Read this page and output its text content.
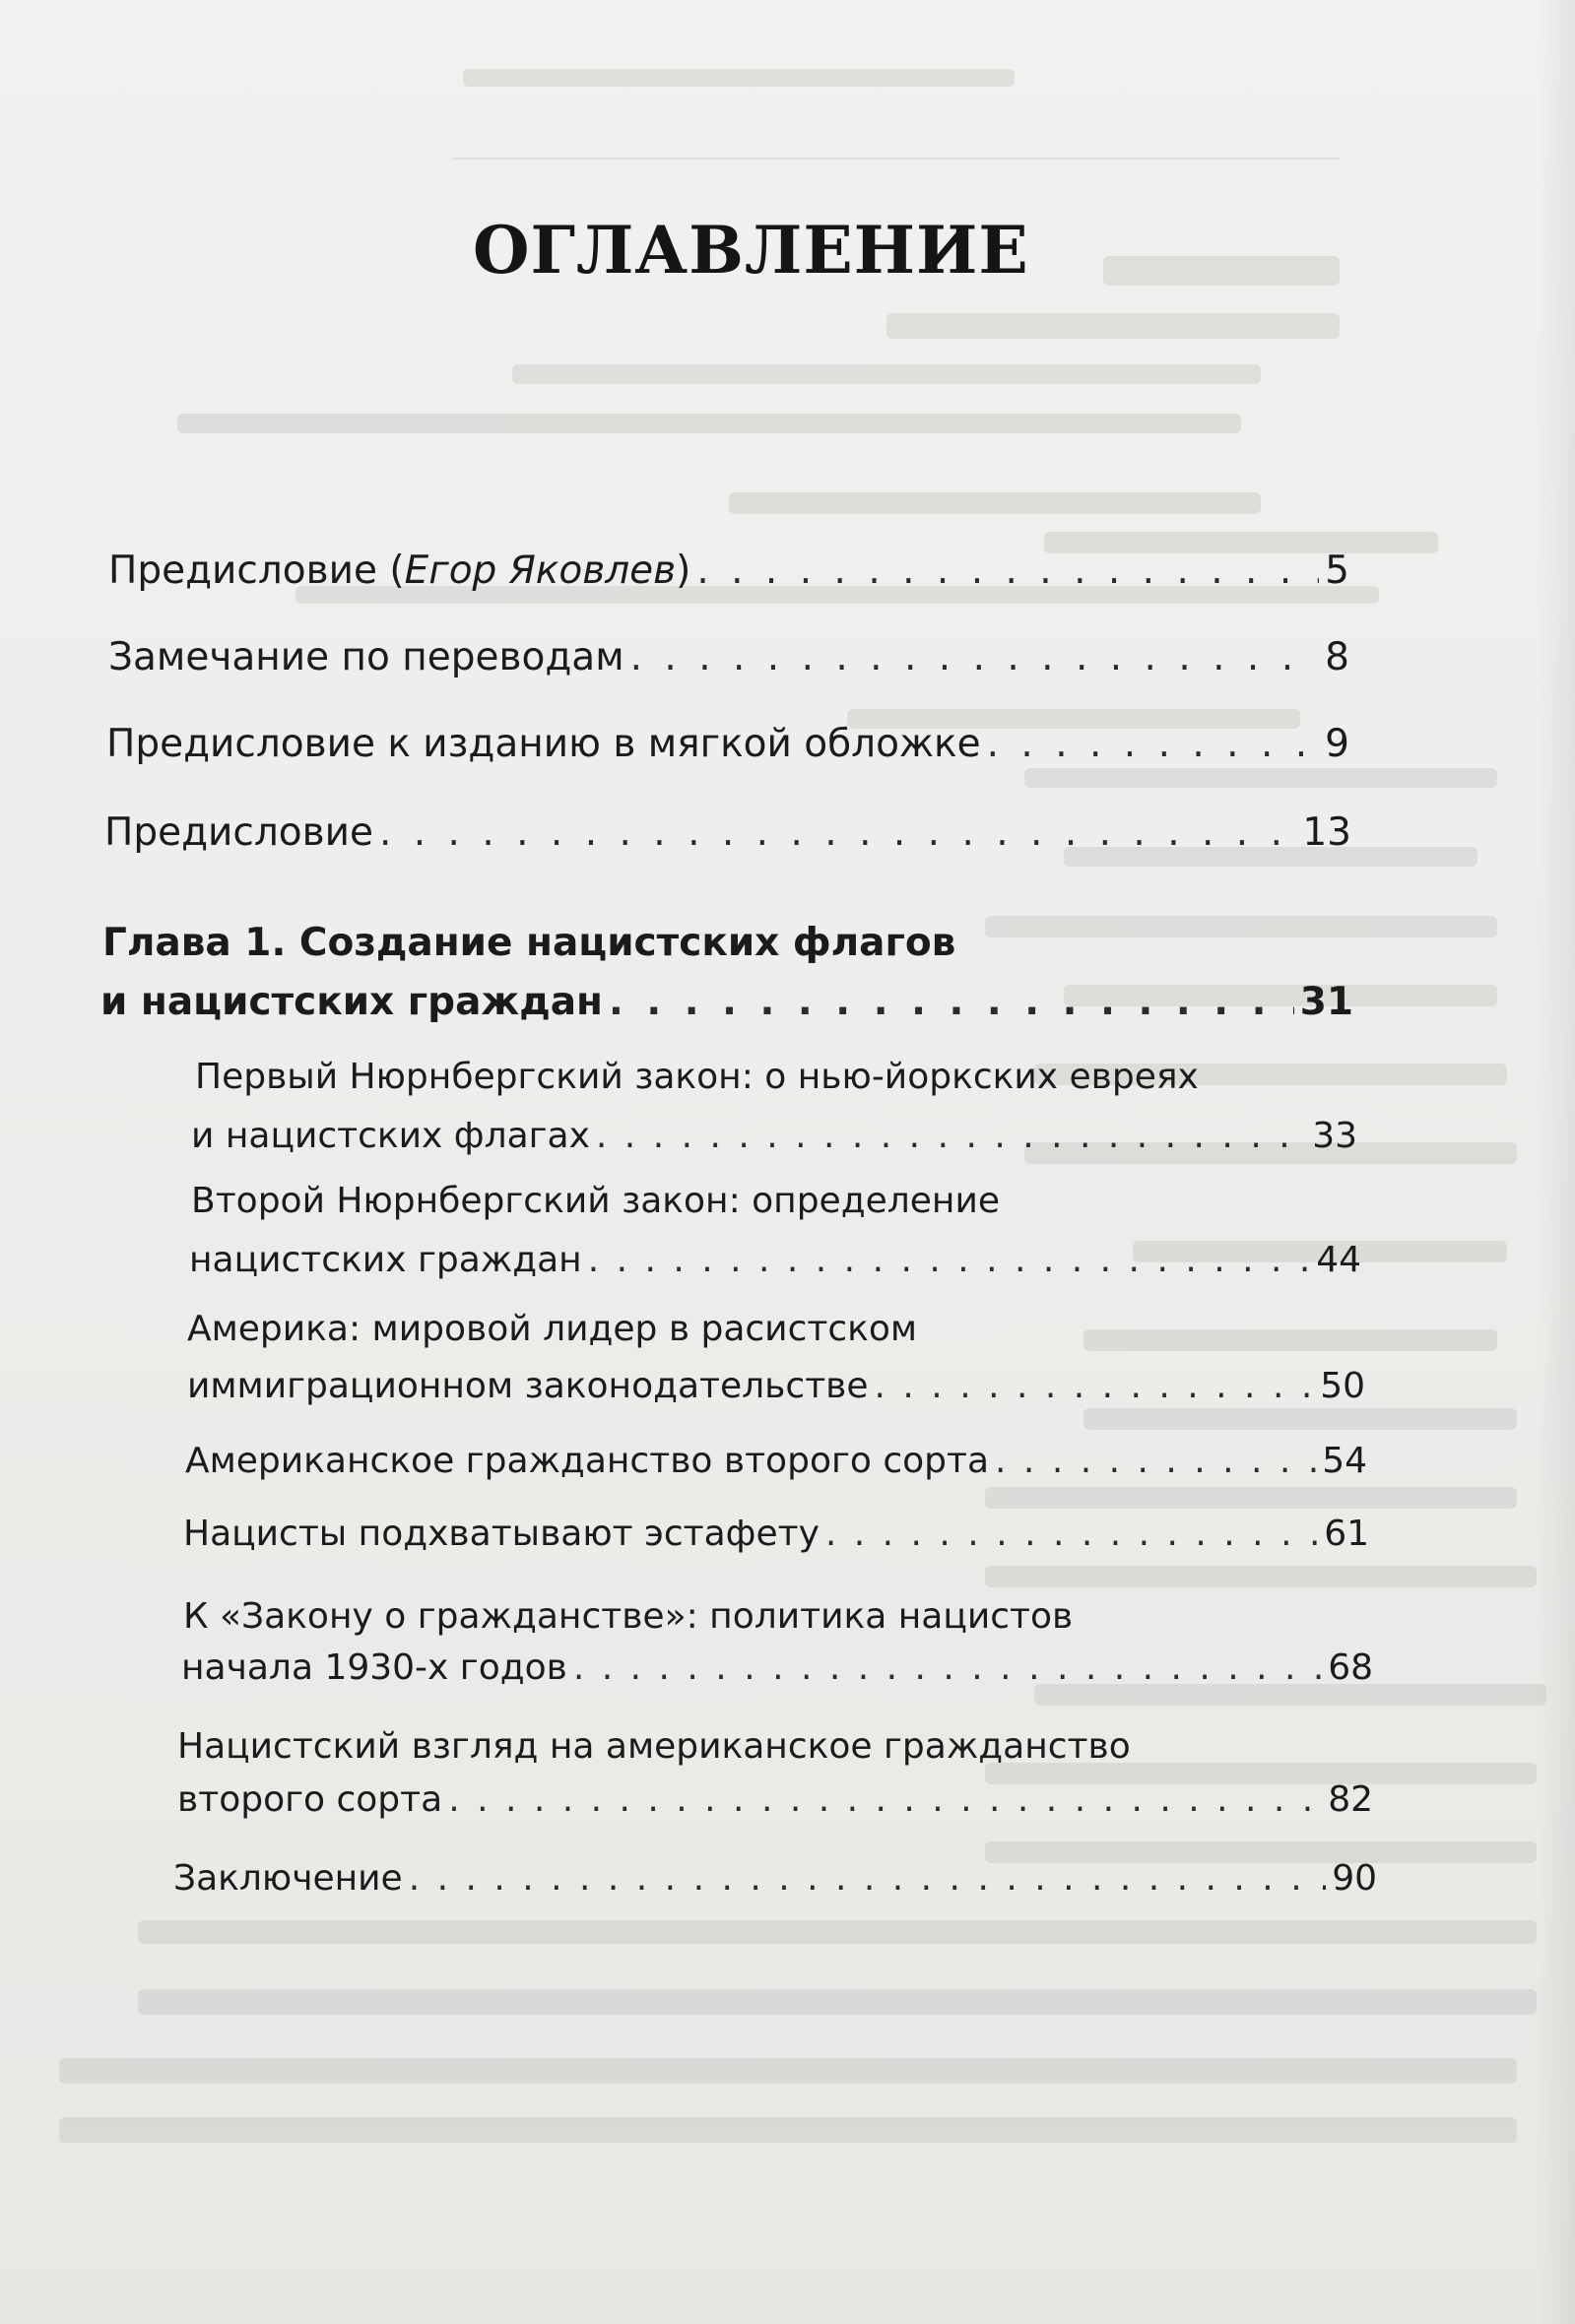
ОГЛАВЛЕНИЕ
Предисловие (Егор Яковлев) . . .	5
Замечание по переводам . . .	8
Предисловие к изданию в мягкой обложке . . .	9
Предисловие . . .	13
Глава 1. Создание нацистских флагов
и нацистских граждан . . .	31
Первый Нюрнбергский закон: о нью-йоркских евреях
и нацистских флагах . . .	33
Второй Нюрнбергский закон: определение
нацистских граждан . . .	44
Америка: мировой лидер в расистском
иммиграционном законодательстве . . .	50
Американское гражданство второго сорта . . .	54
Нацисты подхватывают эстафету . . .	61
К «Закону о гражданстве»: политика нацистов
начала 1930-х годов . . .	68
Нацистский взгляд на американское гражданство
второго сорта . . .	82
Заключение . . .	90
